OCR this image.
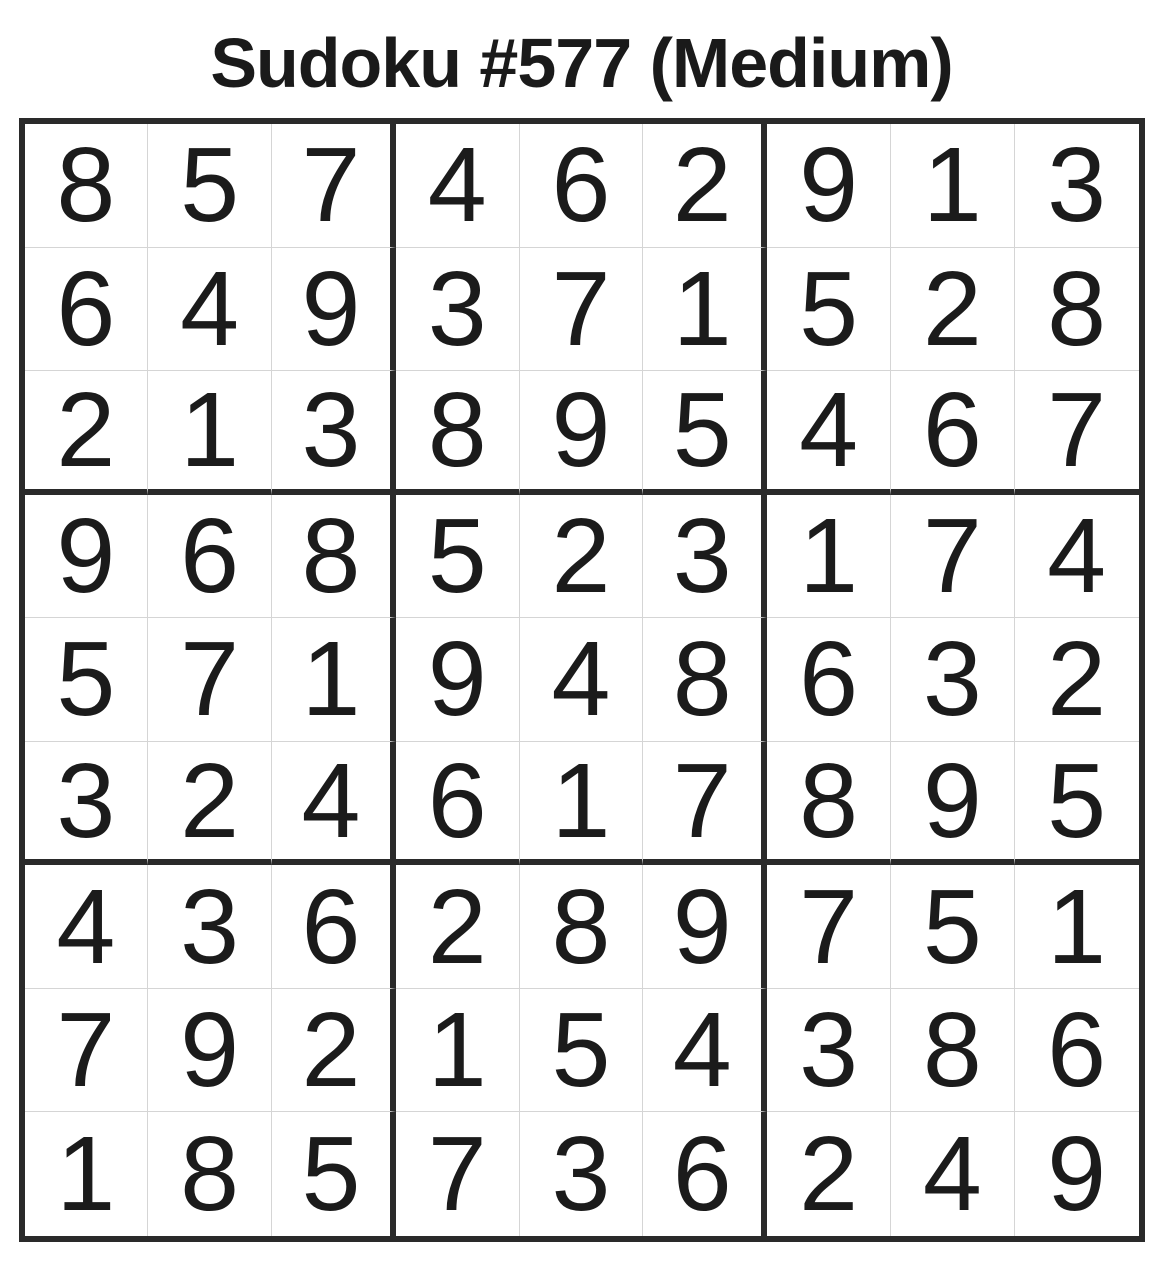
Sudoku #577 (Medium)
8 5 7 4 6 2 9 1 3
6 4 9 3 7 1 5 2 8
2 1 3 8 9 5 4 6 7
9 6 8 5 2 3 1 7 4
5 7 1 9 4 8 6 3 2
3 2 4 6 1 7 8 9 5
4 3 6 2 8 9 7 5 1
7 9 2 1 5 4 3 8 6
1 8 5 7 3 6 2 4 9
